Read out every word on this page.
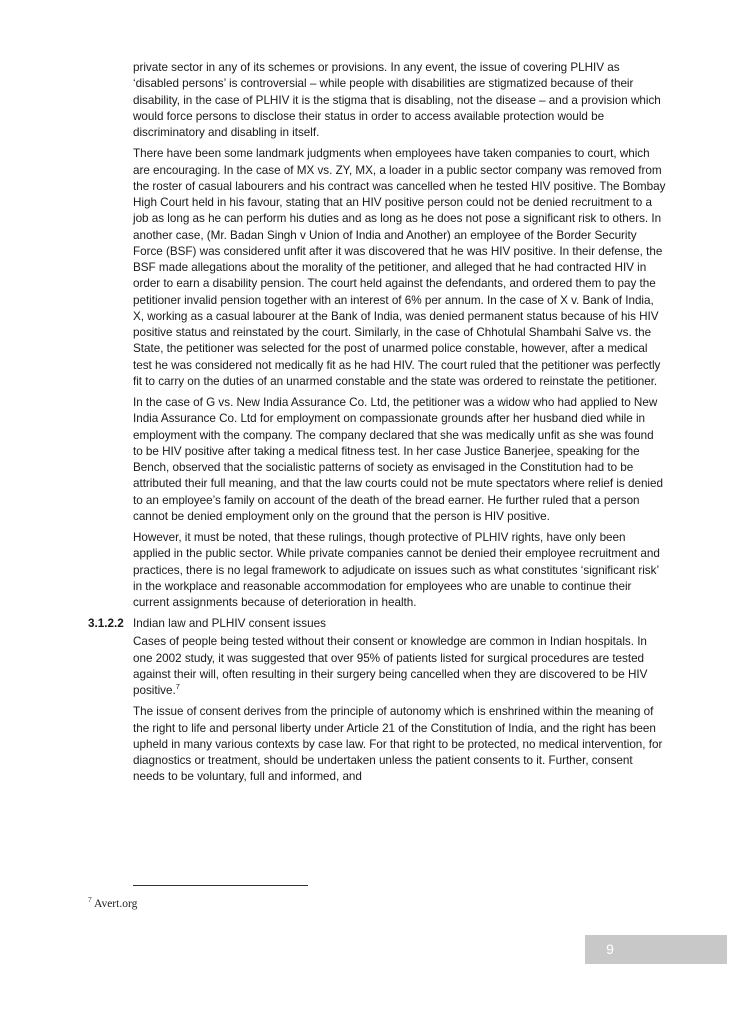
private sector in any of its schemes or provisions. In any event, the issue of covering PLHIV as ‘disabled persons’ is controversial – while people with disabilities are stigmatized because of their disability, in the case of PLHIV it is the stigma that is disabling, not the disease – and a provision which would force persons to disclose their status in order to access available protection would be discriminatory and disabling in itself.

There have been some landmark judgments when employees have taken companies to court, which are encouraging. In the case of MX vs. ZY, MX, a loader in a public sector company was removed from the roster of casual labourers and his contract was cancelled when he tested HIV positive. The Bombay High Court held in his favour, stating that an HIV positive person could not be denied recruitment to a job as long as he can perform his duties and as long as he does not pose a significant risk to others. In another case, (Mr. Badan Singh v Union of India and Another) an employee of the Border Security Force (BSF) was considered unfit after it was discovered that he was HIV positive. In their defense, the BSF made allegations about the morality of the petitioner, and alleged that he had contracted HIV in order to earn a disability pension. The court held against the defendants, and ordered them to pay the petitioner invalid pension together with an interest of 6% per annum. In the case of X v. Bank of India, X, working as a casual labourer at the Bank of India, was denied permanent status because of his HIV positive status and reinstated by the court. Similarly, in the case of Chhotulal Shambahi Salve vs. the State, the petitioner was selected for the post of unarmed police constable, however, after a medical test he was considered not medically fit as he had HIV. The court ruled that the petitioner was perfectly fit to carry on the duties of an unarmed constable and the state was ordered to reinstate the petitioner.

In the case of G vs. New India Assurance Co. Ltd, the petitioner was a widow who had applied to New India Assurance Co. Ltd for employment on compassionate grounds after her husband died while in employment with the company. The company declared that she was medically unfit as she was found to be HIV positive after taking a medical fitness test. In her case Justice Banerjee, speaking for the Bench, observed that the socialistic patterns of society as envisaged in the Constitution had to be attributed their full meaning, and that the law courts could not be mute spectators where relief is denied to an employee’s family on account of the death of the bread earner. He further ruled that a person cannot be denied employment only on the ground that the person is HIV positive.

However, it must be noted, that these rulings, though protective of PLHIV rights, have only been applied in the public sector. While private companies cannot be denied their employee recruitment and practices, there is no legal framework to adjudicate on issues such as what constitutes ‘significant risk’ in the workplace and reasonable accommodation for employees who are unable to continue their current assignments because of deterioration in health.

3.1.2.2 Indian law and PLHIV consent issues

Cases of people being tested without their consent or knowledge are common in Indian hospitals. In one 2002 study, it was suggested that over 95% of patients listed for surgical procedures are tested against their will, often resulting in their surgery being cancelled when they are discovered to be HIV positive.$^7$

The issue of consent derives from the principle of autonomy which is enshrined within the meaning of the right to life and personal liberty under Article 21 of the Constitution of India, and the right has been upheld in many various contexts by case law. For that right to be protected, no medical intervention, for diagnostics or treatment, should be undertaken unless the patient consents to it. Further, consent needs to be voluntary, full and informed, and

$^7$ Avert.org
9
